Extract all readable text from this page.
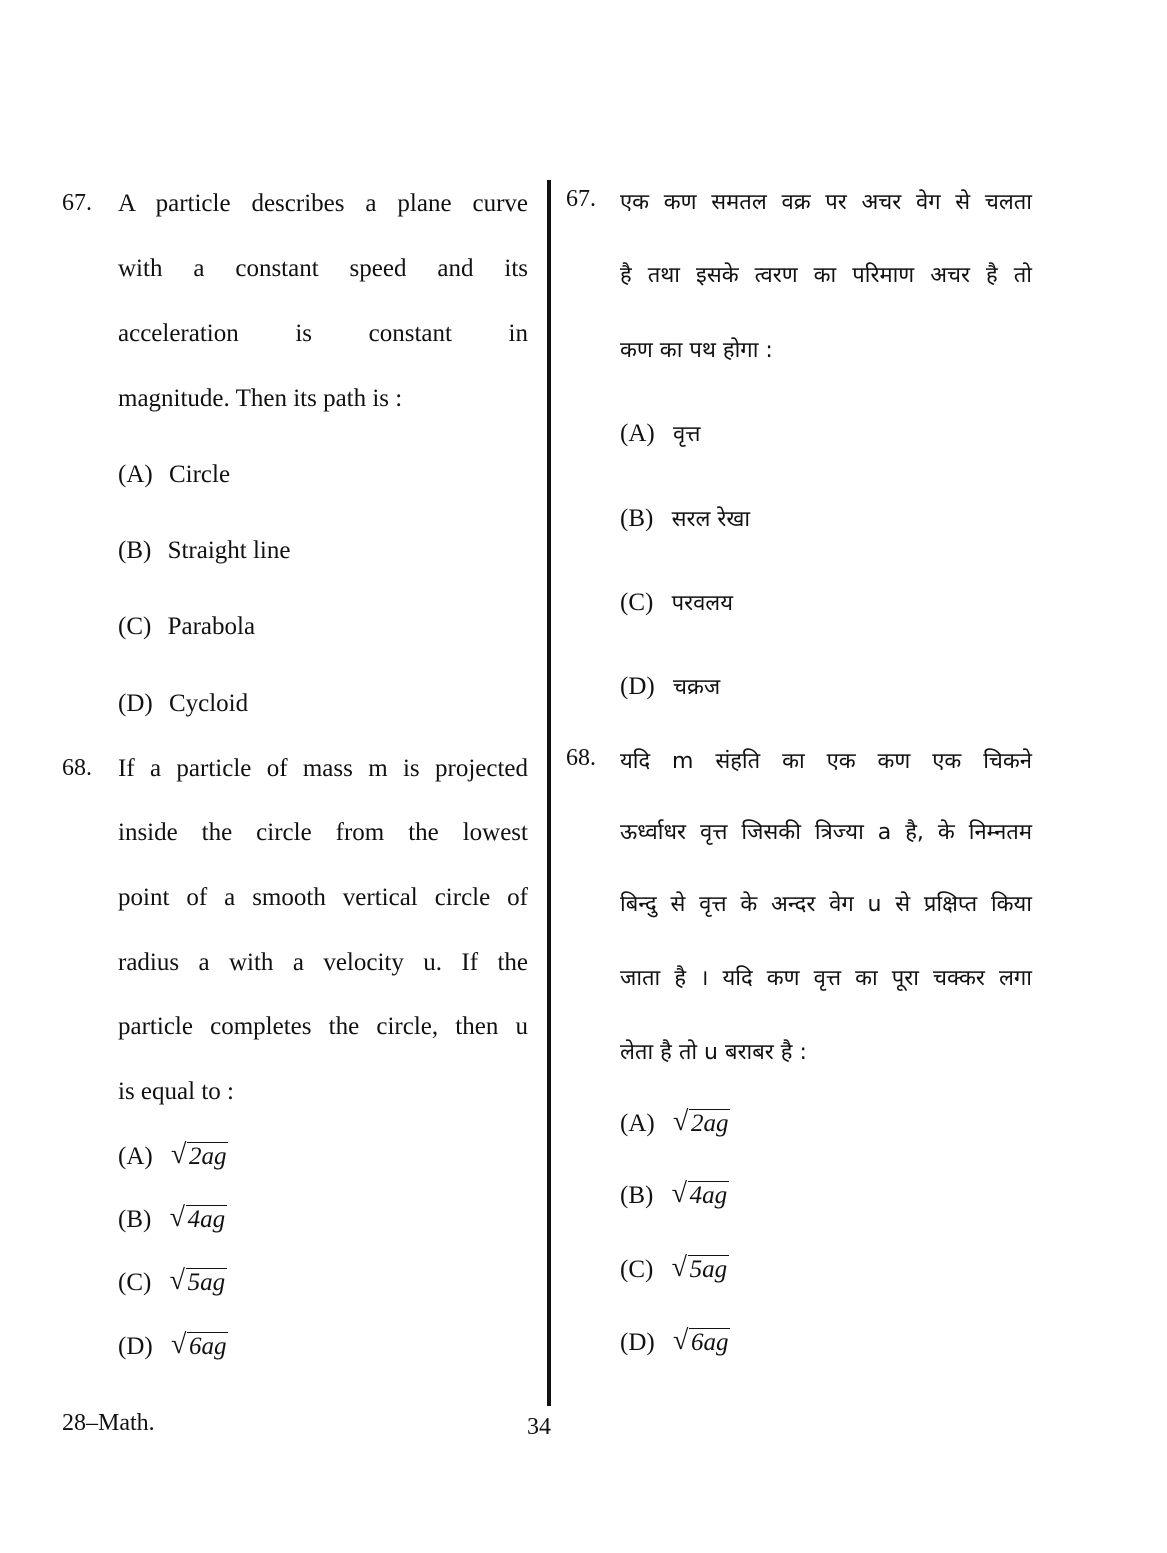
67. A particle describes a plane curve
with a constant speed and its
acceleration is constant in
magnitude. Then its path is :
(A) Circle
(B) Straight line
(C) Parabola
(D) Cycloid
68. If a particle of mass m is projected
inside the circle from the lowest
point of a smooth vertical circle of
radius a with a velocity u. If the
particle completes the circle, then u
is equal to :
(A) √ 2ag
(B) √ 4ag
(C) √ 5ag
(D) √ 6ag
67. एक कण समतल वक्र पर अचर वेग से चलता
है तथा इसके त्वरण का परिमाण अचर है तो
कण का पथ होगा :
(A) वृत्त
(B) सरल रेखा
(C) परवलय
(D) चक्रज
68. यदि m संहति का एक कण एक चिकने
ऊर्ध्वाधर वृत्त जिसकी त्रिज्या a है, के निम्नतम
बिन्दु से वृत्त के अन्दर वेग u से प्रक्षिप्त किया
जाता है । यदि कण वृत्त का पूरा चक्कर लगा
लेता है तो u बराबर है :
(A) √ 2ag
(B) √ 4ag
(C) √ 5ag
(D) √ 6ag
28–Math.	34
